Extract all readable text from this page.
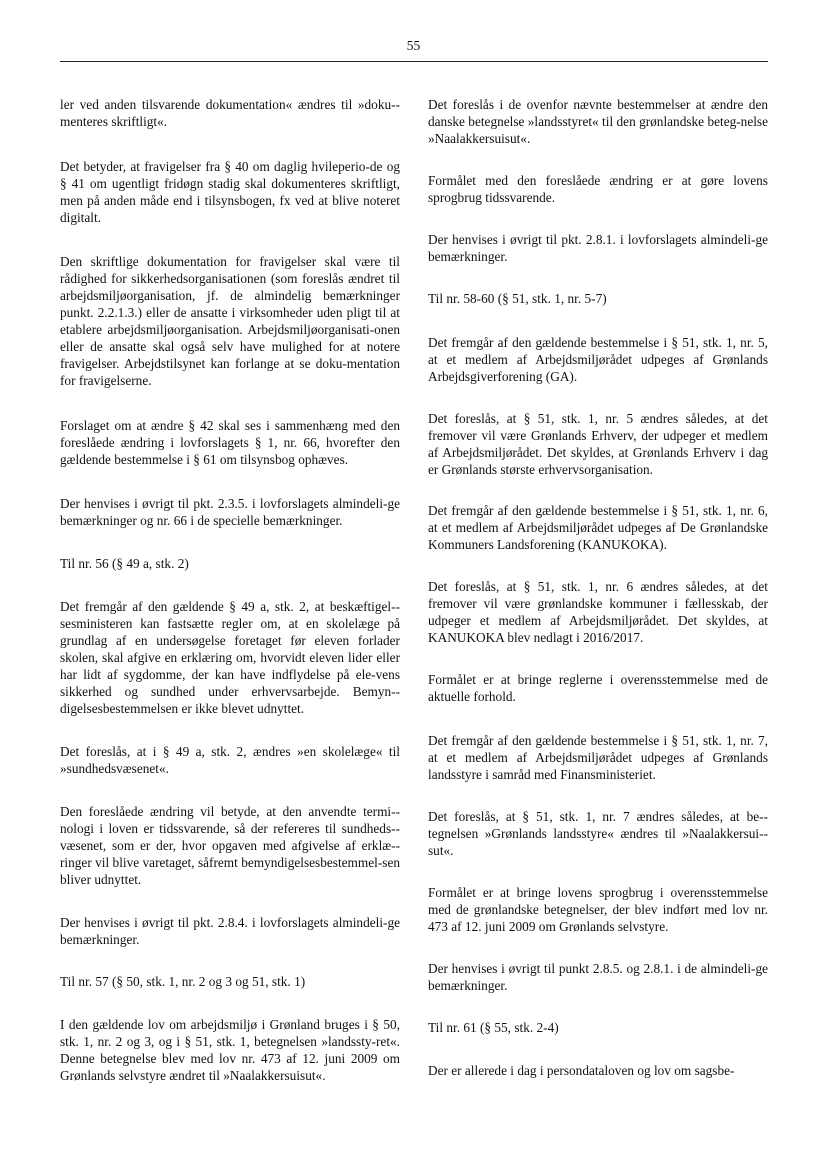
55

ler ved anden tilsvarende dokumentation« ændres til »doku-menteres skriftligt«.

Det betyder, at fravigelser fra § 40 om daglig hvileperio-de og § 41 om ugentligt fridøgn stadig skal dokumenteres skriftligt, men på anden måde end i tilsynsbogen, fx ved at blive noteret digitalt.

Den skriftlige dokumentation for fravigelser skal være til rådighed for sikkerhedsorganisationen (som foreslås ændret til arbejdsmiljøorganisation, jf. de almindelig bemærkninger punkt. 2.2.1.3.) eller de ansatte i virksomheder uden pligt til at etablere arbejdsmiljøorganisation. Arbejdsmiljøorganisati-onen eller de ansatte skal også selv have mulighed for at notere fravigelser. Arbejdstilsynet kan forlange at se doku-mentation for fravigelserne.

Forslaget om at ændre § 42 skal ses i sammenhæng med den foreslåede ændring i lovforslagets § 1, nr. 66, hvorefter den gældende bestemmelse i § 61 om tilsynsbog ophæves.

Der henvises i øvrigt til pkt. 2.3.5. i lovforslagets almindeli-ge bemærkninger og nr. 66 i de specielle bemærkninger.

Til nr. 56 (§ 49 a, stk. 2)

Det fremgår af den gældende § 49 a, stk. 2, at beskæftigel-sesministeren kan fastsætte regler om, at en skolelæge på grundlag af en undersøgelse foretaget før eleven forlader skolen, skal afgive en erklæring om, hvorvidt eleven lider eller har lidt af sygdomme, der kan have indflydelse på ele-vens sikkerhed og sundhed under erhvervsarbejde. Bemyn-digelsesbestemmelsen er ikke blevet udnyttet.

Det foreslås, at i § 49 a, stk. 2, ændres »en skolelæge« til »sundhedsvæsenet«.

Den foreslåede ændring vil betyde, at den anvendte termi-nologi i loven er tidssvarende, så der refereres til sundheds-væsenet, som er der, hvor opgaven med afgivelse af erklæ-ringer vil blive varetaget, såfremt bemyndigelsesbestemmel-sen bliver udnyttet.

Der henvises i øvrigt til pkt. 2.8.4. i lovforslagets almindeli-ge bemærkninger.

Til nr. 57 (§ 50, stk. 1, nr. 2 og 3 og 51, stk. 1)

I den gældende lov om arbejdsmiljø i Grønland bruges i § 50, stk. 1, nr. 2 og 3, og i § 51, stk. 1, betegnelsen »landssty-ret«. Denne betegnelse blev med lov nr. 473 af 12. juni 2009 om Grønlands selvstyre ændret til »Naalakkersuisut«.

Det foreslås i de ovenfor nævnte bestemmelser at ændre den danske betegnelse »landsstyret« til den grønlandske beteg-nelse »Naalakkersuisut«.

Formålet med den foreslåede ændring er at gøre lovens sprogbrug tidssvarende.

Der henvises i øvrigt til pkt. 2.8.1. i lovforslagets almindeli-ge bemærkninger.

Til nr. 58-60 (§ 51, stk. 1, nr. 5-7)

Det fremgår af den gældende bestemmelse i § 51, stk. 1, nr. 5, at et medlem af Arbejdsmiljørådet udpeges af Grønlands Arbejdsgiverforening (GA).

Det foreslås, at § 51, stk. 1, nr. 5 ændres således, at det fremover vil være Grønlands Erhverv, der udpeger et medlem af Arbejdsmiljørådet. Det skyldes, at Grønlands Erhverv i dag er Grønlands største erhvervsorganisation.

Det fremgår af den gældende bestemmelse i § 51, stk. 1, nr. 6, at et medlem af Arbejdsmiljørådet udpeges af De Grønlandske Kommuners Landsforening (KANUKOKA).

Det foreslås, at § 51, stk. 1, nr. 6 ændres således, at det fremover vil være grønlandske kommuner i fællesskab, der udpeger et medlem af Arbejdsmiljørådet. Det skyldes, at KANUKOKA blev nedlagt i 2016/2017.

Formålet er at bringe reglerne i overensstemmelse med de aktuelle forhold.

Det fremgår af den gældende bestemmelse i § 51, stk. 1, nr. 7, at et medlem af Arbejdsmiljørådet udpeges af Grønlands landsstyre i samråd med Finansministeriet.

Det foreslås, at § 51, stk. 1, nr. 7 ændres således, at be-tegnelsen »Grønlands landsstyre« ændres til »Naalakkersui-sut«.

Formålet er at bringe lovens sprogbrug i overensstemmelse med de grønlandske betegnelser, der blev indført med lov nr. 473 af 12. juni 2009 om Grønlands selvstyre.

Der henvises i øvrigt til punkt 2.8.5. og 2.8.1. i de almindeli-ge bemærkninger.

Til nr. 61 (§ 55, stk. 2-4)

Der er allerede i dag i persondataloven og lov om sagsbe-
